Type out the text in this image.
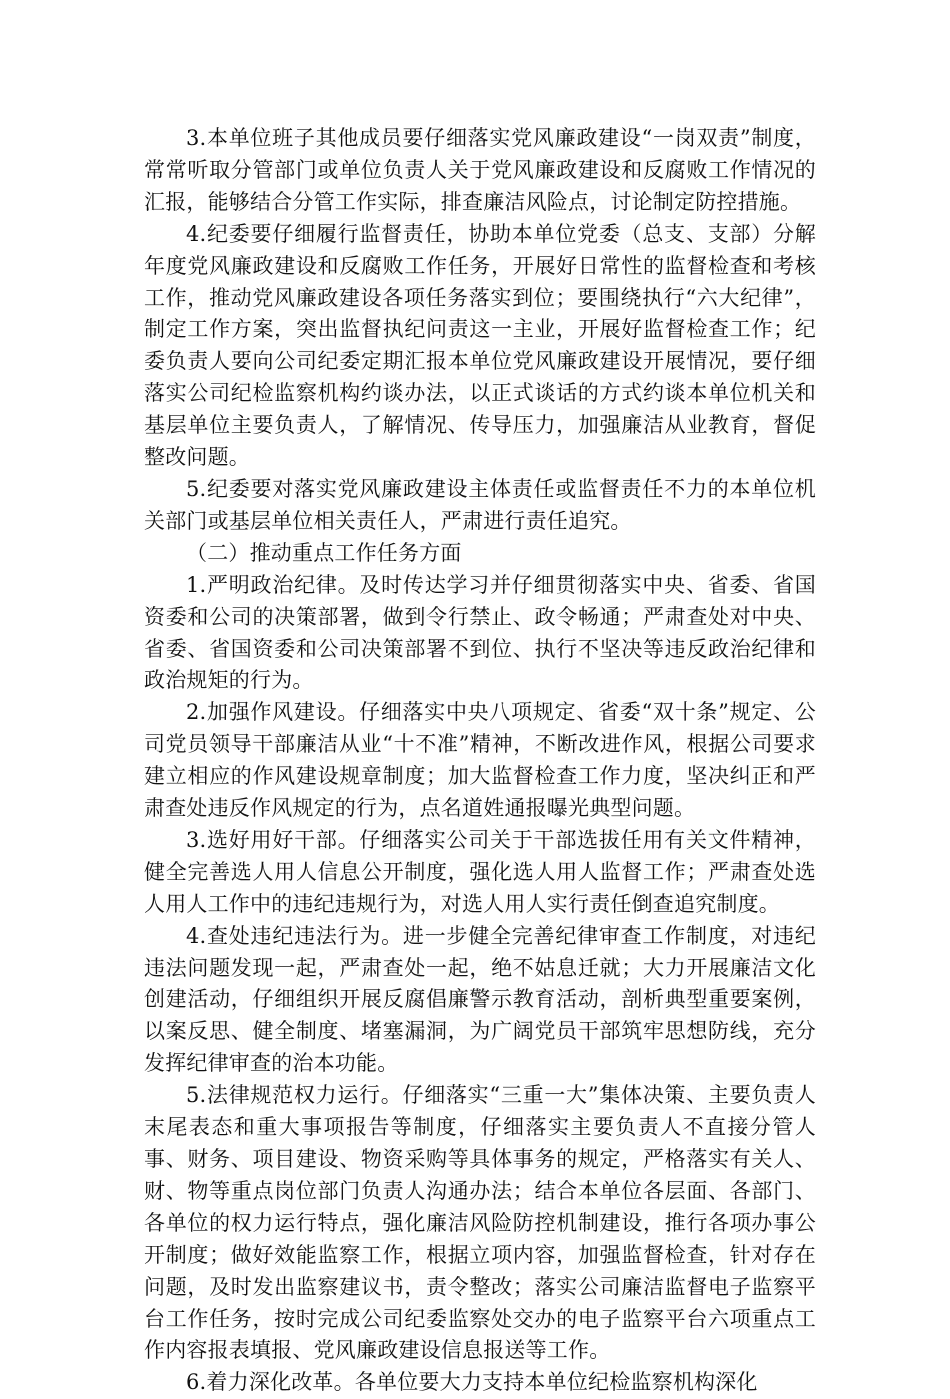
3.本单位班子其他成员要仔细落实党风廉政建设“一岗双责”制度，常常听取分管部门或单位负责人关于党风廉政建设和反腐败工作情况的汇报，能够结合分管工作实际，排查廉洁风险点，讨论制定防控措施。

4.纪委要仔细履行监督责任，协助本单位党委（总支、支部）分解年度党风廉政建设和反腐败工作任务，开展好日常性的监督检查和考核工作，推动党风廉政建设各项任务落实到位；要围绕执行“六大纪律”，制定工作方案，突出监督执纪问责这一主业，开展好监督检查工作；纪委负责人要向公司纪委定期汇报本单位党风廉政建设开展情况，要仔细落实公司纪检监察机构约谈办法，以正式谈话的方式约谈本单位机关和基层单位主要负责人，了解情况、传导压力，加强廉洁从业教育，督促整改问题。

5.纪委要对落实党风廉政建设主体责任或监督责任不力的本单位机关部门或基层单位相关责任人，严肃进行责任追究。

（二）推动重点工作任务方面

1.严明政治纪律。及时传达学习并仔细贯彻落实中央、省委、省国资委和公司的决策部署，做到令行禁止、政令畅通；严肃查处对中央、省委、省国资委和公司决策部署不到位、执行不坚决等违反政治纪律和政治规矩的行为。

2.加强作风建设。仔细落实中央八项规定、省委“双十条”规定、公司党员领导干部廉洁从业“十不准”精神，不断改进作风，根据公司要求建立相应的作风建设规章制度；加大监督检查工作力度，坚决纠正和严肃查处违反作风规定的行为，点名道姓通报曝光典型问题。

3.选好用好干部。仔细落实公司关于干部选拔任用有关文件精神，健全完善选人用人信息公开制度，强化选人用人监督工作；严肃查处选人用人工作中的违纪违规行为，对选人用人实行责任倒查追究制度。

4.查处违纪违法行为。进一步健全完善纪律审查工作制度，对违纪违法问题发现一起，严肃查处一起，绝不姑息迁就；大力开展廉洁文化创建活动，仔细组织开展反腐倡廉警示教育活动，剖析典型重要案例，以案反思、健全制度、堵塞漏洞，为广阔党员干部筑牢思想防线，充分发挥纪律审查的治本功能。

5.法律规范权力运行。仔细落实“三重一大”集体决策、主要负责人末尾表态和重大事项报告等制度，仔细落实主要负责人不直接分管人事、财务、项目建设、物资采购等具体事务的规定，严格落实有关人、财、物等重点岗位部门负责人沟通办法；结合本单位各层面、各部门、各单位的权力运行特点，强化廉洁风险防控机制建设，推行各项办事公开制度；做好效能监察工作，根据立项内容，加强监督检查，针对存在问题，及时发出监察建议书，责令整改；落实公司廉洁监督电子监察平台工作任务，按时完成公司纪委监察处交办的电子监察平台六项重点工作内容报表填报、党风廉政建设信息报送等工作。

6.着力深化改革。各单位要大力支持本单位纪检监察机构深化
